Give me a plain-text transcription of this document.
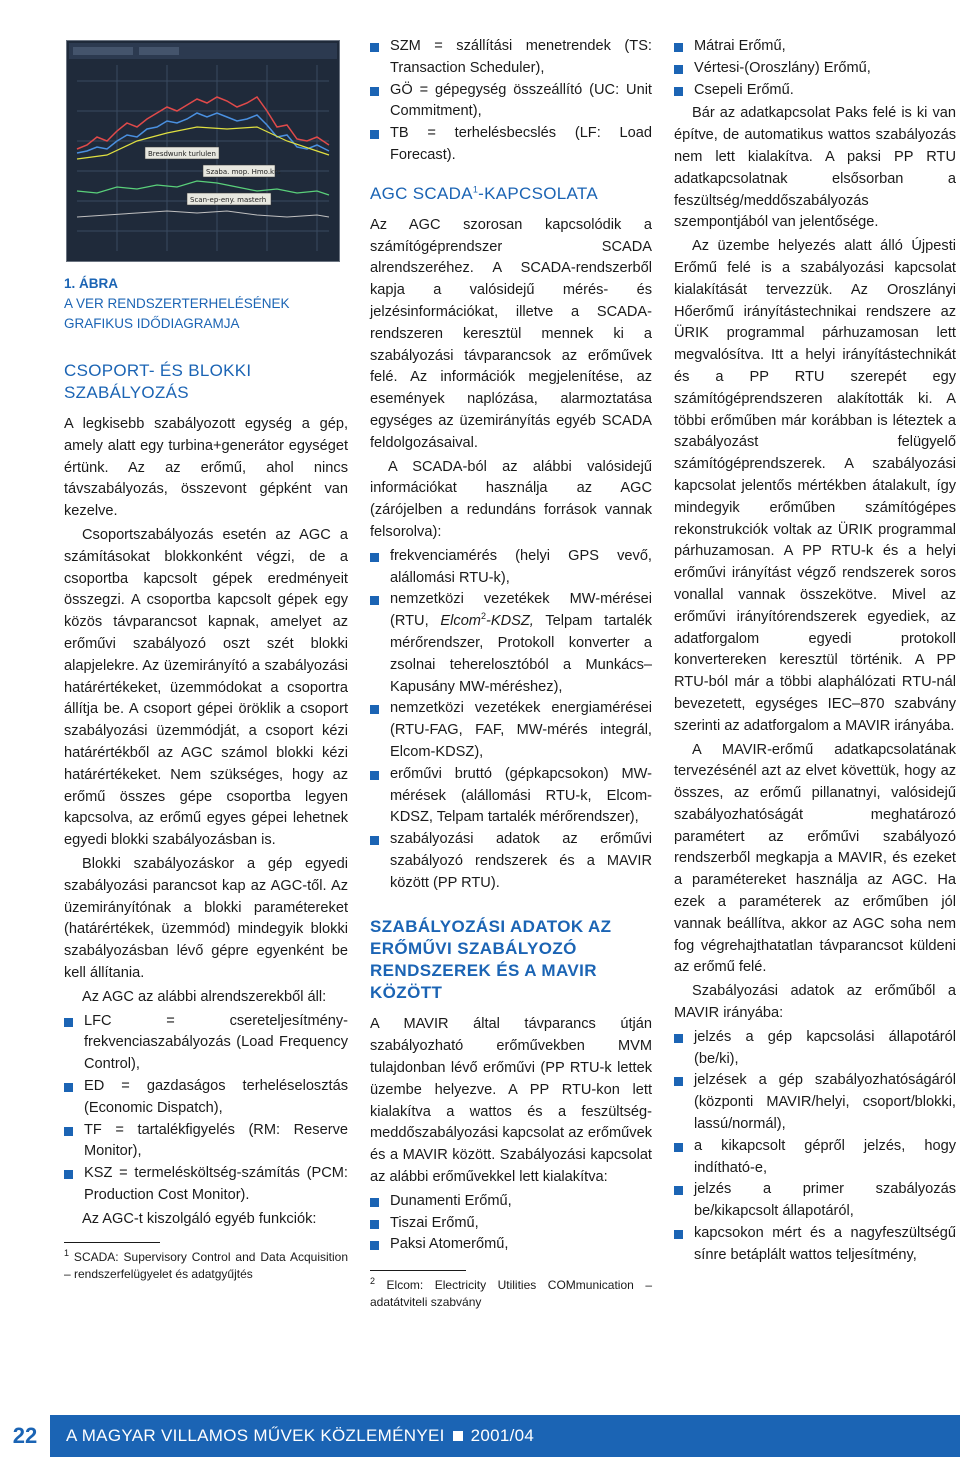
Bresdwunk turlulen
Szaba. mop. Hmo.krs
Scan-ep-eny. masterh
1. ÁBRA
A VER RENDSZERTERHELÉSÉNEK GRAFIKUS IDŐDIAGRAMJA
CSOPORT- ÉS BLOKKI SZABÁLYOZÁS

A legkisebb szabályozott egység a gép, amely alatt egy turbina+generátor egységet értünk. Az az erőmű, ahol nincs távszabályozás, összevont gépként van kezelve.

Csoportszabályozás esetén az AGC a számításokat blokkonként végzi, de a csoportba kapcsolt gépek eredményeit összegzi. A csoportba kapcsolt gépek egy közös távparancsot kapnak, amelyet az erőművi szabályozó oszt szét blokki alapjelekre. Az üzemirányító a szabályozási határértékeket, üzemmódokat a csoportra állítja be. A csoport gépei öröklik a csoport szabályozási üzemmódját, a csoport kézi határértékből az AGC számol blokki kézi határértékeket. Nem szükséges, hogy az erőmű összes gépe csoportba legyen kapcsolva, az erőmű egyes gépei lehetnek egyedi blokki szabályozásban is.

Blokki szabályozáskor a gép egyedi szabályozási parancsot kap az AGC-től. Az üzemirányítónak a blokki paramétereket (határértékek, üzemmód) mindegyik blokki szabályozásban lévő gépre egyenként be kell állítania.

Az AGC az alábbi alrendszerekből áll:

LFC = csereteljesítmény-frekvenciaszabályozás (Load Frequency Control),
ED = gazdaságos terheléselosztás (Economic Dispatch),
TF = tartalékfigyelés (RM: Reserve Monitor),
KSZ = termelésköltség-számítás (PCM: Production Cost Monitor).

Az AGC-t kiszolgáló egyéb funkciók:

$^1$ SCADA: Supervisory Control and Data Acquisition – rendszerfelügyelet és adatgyűjtés
SZM = szállítási menetrendek (TS: Transaction Scheduler),
GÖ = gépegység összeállító (UC: Unit Commitment),
TB = terhelésbecslés (LF: Load Forecast).
AGC SCADA$^1$-KAPCSOLATA

Az AGC szorosan kapcsolódik a számítógéprendszer SCADA alrendszeréhez. A SCADA-rendszerből kapja a valósidejű mérés- és jelzésinformációkat, illetve a SCADA-rendszeren keresztül mennek ki a szabályozási távparancsok az erőművek felé. Az információk megjelenítése, az események naplózása, alarmoztatása egységes az üzemirányítás egyéb SCADA feldolgozásaival.

A SCADA-ból az alábbi valósidejű információkat használja az AGC (zárójelben a redundáns források vannak felsorolva):

frekvenciamérés (helyi GPS vevő, alállomási RTU-k),
nemzetközi vezetékek MW-mérései (RTU, Elcom$^2$-KDSZ, Telpam tartalék mérőrendszer, Protokoll konverter a zsolnai teherelosztóból a Munkács–Kapusány MW-méréshez),
nemzetközi vezetékek energiamérései (RTU-FAG, FAF, MW-mérés integrál, Elcom-KDSZ),
erőművi bruttó (gépkapcsokon) MW-mérések (alállomási RTU-k, Elcom-KDSZ, Telpam tartalék mérőrendszer),
szabályozási adatok az erőművi szabályozó rendszerek és a MAVIR között (PP RTU).
SZABÁLYOZÁSI ADATOK AZ ERŐMŰVI SZABÁLYOZÓ RENDSZEREK ÉS A MAVIR KÖZÖTT

A MAVIR által távparancs útján szabályozható erőművekben MVM tulajdonban lévő erőművi (PP RTU-k lettek üzembe helyezve. A PP RTU-kon lett kialakítva a wattos és a feszültség-meddőszabályozási kapcsolat az erőművek és a MAVIR között. Szabályozási kapcsolat az alábbi erőművekkel lett kialakítva:

Dunamenti Erőmű,
Tiszai Erőmű,
Paksi Atomerőmű,
$^2$ Elcom: Electricity Utilities COMmunication – adatátviteli szabvány
Mátrai Erőmű,
Vértesi-(Oroszlány) Erőmű,
Csepeli Erőmű.

Bár az adatkapcsolat Paks felé is ki van építve, de automatikus wattos szabályozás nem lett kialakítva. A paksi PP RTU adatkapcsolatnak elsősorban a feszültség/meddőszabályozás szempontjából van jelentősége.

Az üzembe helyezés alatt álló Újpesti Erőmű felé is a szabályozási kapcsolat kialakítását tervezzük. Az Oroszlányi Hőerőmű irányítástechnikai rendszere az ÜRIK programmal párhuzamosan lett megvalósítva. Itt a helyi irányítástechnikát és a PP RTU szerepét egy számítógéprendszeren alakították ki. A többi erőműben már korábban is léteztek a szabályozást felügyelő számítógéprendszerek. A szabályozási kapcsolat jelentős mértékben átalakult, így mindegyik erőműben számítógépes rekonstrukciók voltak az ÜRIK programmal párhuzamosan. A PP RTU-k és a helyi erőművi irányítást végző rendszerek soros vonallal vannak összekötve. Mivel az erőművi irányítórendszerek egyediek, az adatforgalom egyedi protokoll konvertereken keresztül történik. A PP RTU-ból már a többi alaphálózati RTU-nál bevezetett, egységes IEC–870 szabvány szerinti az adatforgalom a MAVIR irányába.

A MAVIR-erőmű adatkapcsolatának tervezésénél azt az elvet követtük, hogy az összes, az erőmű pillanatnyi, valósidejű szabályozhatóságát meghatározó paramétert az erőművi szabályozó rendszerből megkapja a MAVIR, és ezeket a paramétereket használja az AGC. Ha ezek a paraméterek az erőműben jól vannak beállítva, akkor az AGC soha nem fog végrehajthatatlan távparancsot küldeni az erőmű felé.

Szabályozási adatok az erőműből a MAVIR irányába:

jelzés a gép kapcsolási állapotáról (be/ki),
jelzések a gép szabályozhatóságáról (központi MAVIR/helyi, csoport/blokki, lassú/normál),
a kikapcsolt gépről jelzés, hogy indítható-e,
jelzés a primer szabályozás be/kikapcsolt állapotáról,
kapcsokon mért és a nagyfeszültségű sínre betáplált wattos teljesítmény,
22	A MAGYAR VILLAMOS MŰVEK KÖZLEMÉNYEI 2001/04
